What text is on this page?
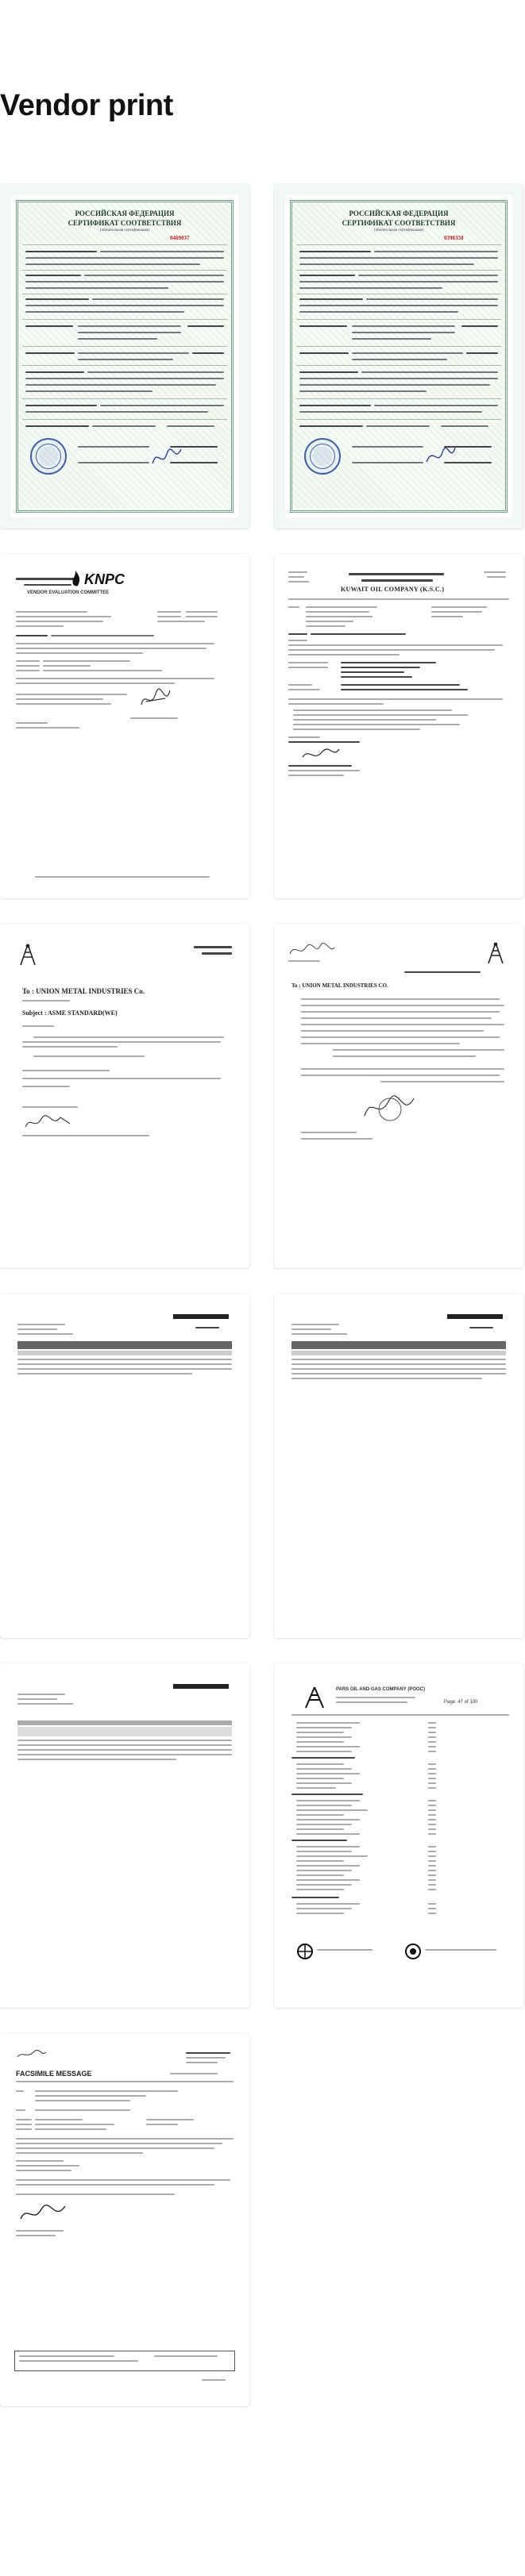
Vendor print
РОССИЙСКАЯ ФЕДЕРАЦИЯ
СЕРТИФИКАТ СООТВЕТСТВИЯ
(обязательная сертификация)
0469037
РОССИЙСКАЯ ФЕДЕРАЦИЯ
СЕРТИФИКАТ СООТВЕТСТВИЯ
(обязательная сертификация)
0398350
KNPC
VENDOR EVALUATION COMMITTEE	KUWAIT OIL COMPANY (K.S.C.)
To : UNION METAL INDUSTRIES Co.
Subject : ASME STANDARD(WE)
To : UNION METAL INDUSTRIES CO.
PARS OIL AND GAS COMPANY (POGC)
Page: 47 of 100
FACSIMILE MESSAGE
